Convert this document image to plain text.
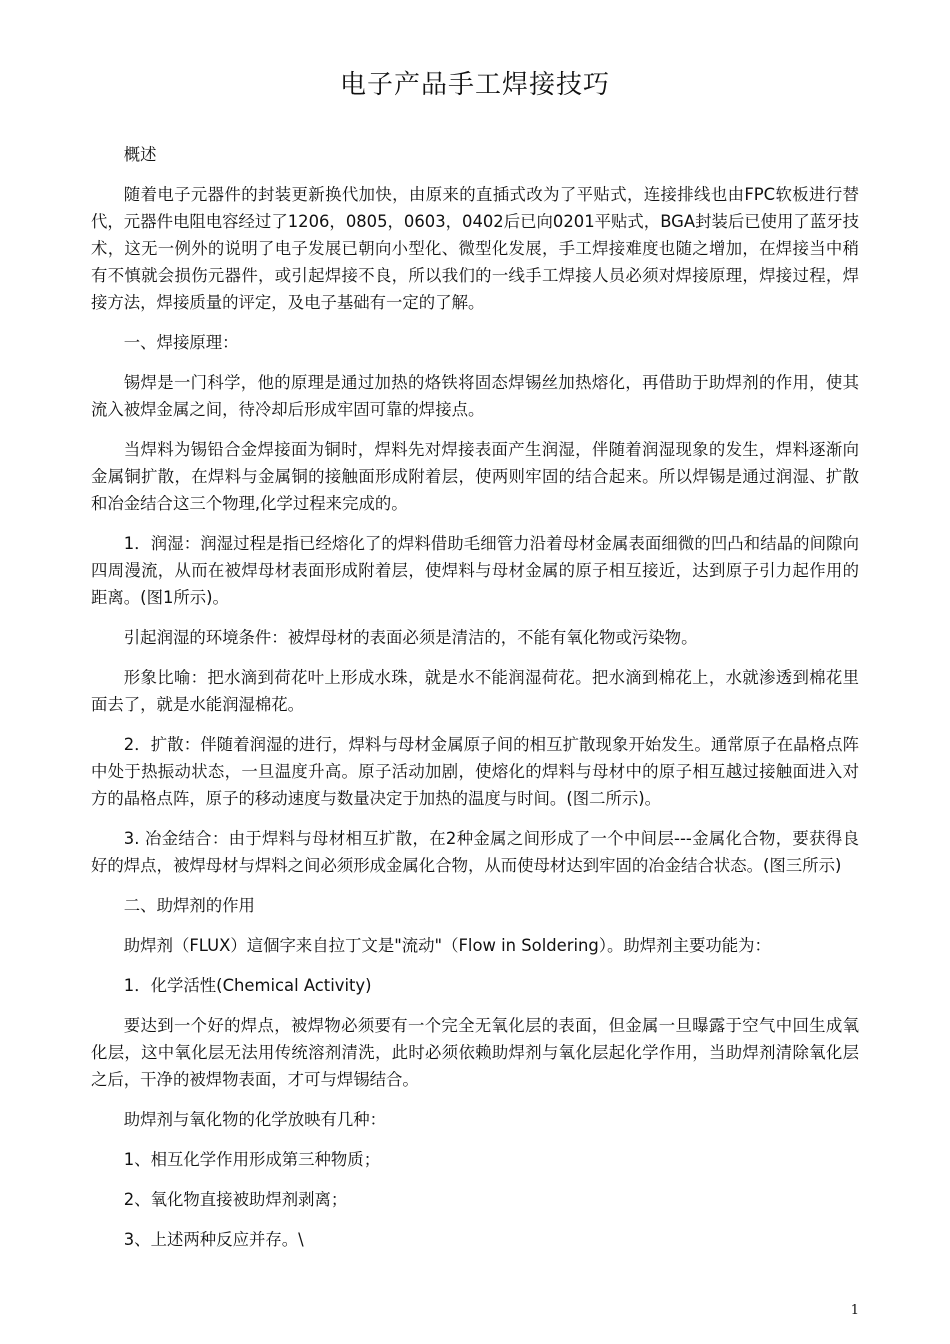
电子产品手工焊接技巧

概述

随着电子元器件的封装更新换代加快，由原来的直插式改为了平贴式，连接排线也由FPC软板进行替代，元器件电阻电容经过了1206，0805，0603，0402后已向0201平贴式，BGA封装后已使用了蓝牙技术，这无一例外的说明了电子发展已朝向小型化、微型化发展，手工焊接难度也随之增加，在焊接当中稍有不慎就会损伤元器件，或引起焊接不良，所以我们的一线手工焊接人员必须对焊接原理，焊接过程，焊接方法，焊接质量的评定，及电子基础有一定的了解。

一、焊接原理：

锡焊是一门科学，他的原理是通过加热的烙铁将固态焊锡丝加热熔化，再借助于助焊剂的作用，使其流入被焊金属之间，待冷却后形成牢固可靠的焊接点。

当焊料为锡铅合金焊接面为铜时，焊料先对焊接表面产生润湿，伴随着润湿现象的发生，焊料逐渐向金属铜扩散，在焊料与金属铜的接触面形成附着层，使两则牢固的结合起来。所以焊锡是通过润湿、扩散和冶金结合这三个物理,化学过程来完成的。

1．润湿：润湿过程是指已经熔化了的焊料借助毛细管力沿着母材金属表面细微的凹凸和结晶的间隙向四周漫流，从而在被焊母材表面形成附着层，使焊料与母材金属的原子相互接近，达到原子引力起作用的距离。(图1所示)。

引起润湿的环境条件：被焊母材的表面必须是清洁的，不能有氧化物或污染物。

形象比喻：把水滴到荷花叶上形成水珠，就是水不能润湿荷花。把水滴到棉花上，水就渗透到棉花里面去了，就是水能润湿棉花。

2．扩散：伴随着润湿的进行，焊料与母材金属原子间的相互扩散现象开始发生。通常原子在晶格点阵中处于热振动状态，一旦温度升高。原子活动加剧，使熔化的焊料与母材中的原子相互越过接触面进入对方的晶格点阵，原子的移动速度与数量决定于加热的温度与时间。(图二所示)。

3. 冶金结合：由于焊料与母材相互扩散，在2种金属之间形成了一个中间层---金属化合物，要获得良好的焊点，被焊母材与焊料之间必须形成金属化合物，从而使母材达到牢固的冶金结合状态。(图三所示)

二、助焊剂的作用

助焊剂（FLUX）這個字来自拉丁文是"流动"（Flow in Soldering）。助焊剂主要功能为：

1．化学活性(Chemical Activity)

要达到一个好的焊点，被焊物必须要有一个完全无氧化层的表面，但金属一旦曝露于空气中回生成氧化层，这中氧化层无法用传统溶剂清洗，此时必须依赖助焊剂与氧化层起化学作用，当助焊剂清除氧化层之后，干净的被焊物表面，才可与焊锡结合。

助焊剂与氧化物的化学放映有几种：

1、相互化学作用形成第三种物质；

2、氧化物直接被助焊剂剥离；

3、上述两种反应并存。\

1
